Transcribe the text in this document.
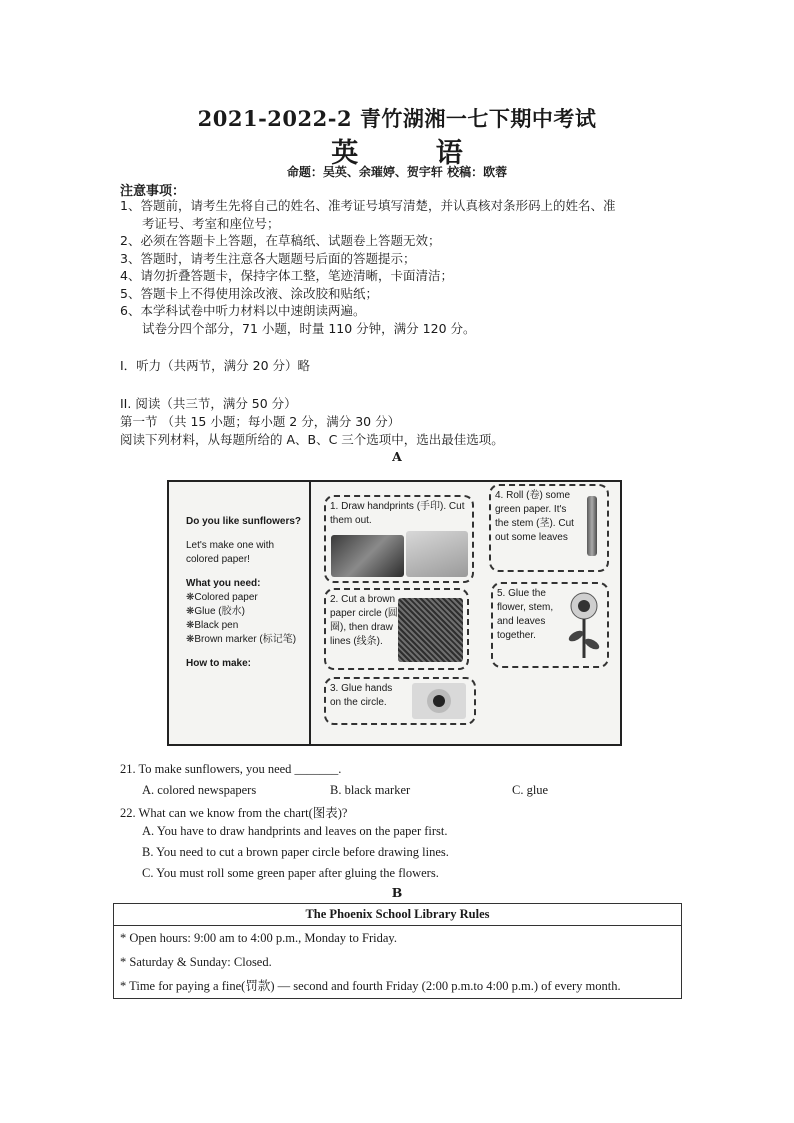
2021-2022-2 青竹湖湘一七下期中考试
英 语
命题：吴英、余璀婷、贺宇轩 校稿：欧蓉
注意事项：
1、答题前，请考生先将自己的姓名、准考证号填写清楚，并认真核对条形码上的姓名、准
考证号、考室和座位号；
2、必须在答题卡上答题，在草稿纸、试题卷上答题无效；
3、答题时，请考生注意各大题题号后面的答题提示；
4、请勿折叠答题卡，保持字体工整，笔迹清晰，卡面清洁；
5、答题卡上不得使用涂改液、涂改胶和贴纸；
6、本学科试卷中听力材料以中速朗读两遍。
试卷分四个部分，71 小题，时量 110 分钟，满分 120 分。
I．听力（共两节，满分 20 分）略
II. 阅读（共三节，满分 50 分）
第一节 （共 15 小题；每小题 2 分，满分 30 分）
阅读下列材料，从每题所给的 A、B、C 三个选项中，选出最佳选项。
A
Do you like sunflowers?
Let's make one with
colored paper!
What you need:
❋Colored paper
❋Glue (胶水)
❋Black pen
❋Brown marker (标记笔)
How to make:
1. Draw handprints (手印). Cut them out.
4. Roll (卷) some green paper. It's the stem (茎). Cut out some leaves
2. Cut a brown paper circle (圆圈), then draw lines (线条).
5. Glue the flower, stem, and leaves together.
3. Glue hands on the circle.
21. To make sunflowers, you need _______.
A. colored newspapers	B. black marker	C. glue
22. What can we know from the chart(图表)?
A. You have to draw handprints and leaves on the paper first.
B. You need to cut a brown paper circle before drawing lines.
C. You must roll some green paper after gluing the flowers.
B
The Phoenix School Library Rules
* Open hours: 9:00 am to 4:00 p.m., Monday to Friday.
* Saturday & Sunday: Closed.
* Time for paying a fine(罚款) — second and fourth Friday (2:00 p.m.to 4:00 p.m.) of every month.
